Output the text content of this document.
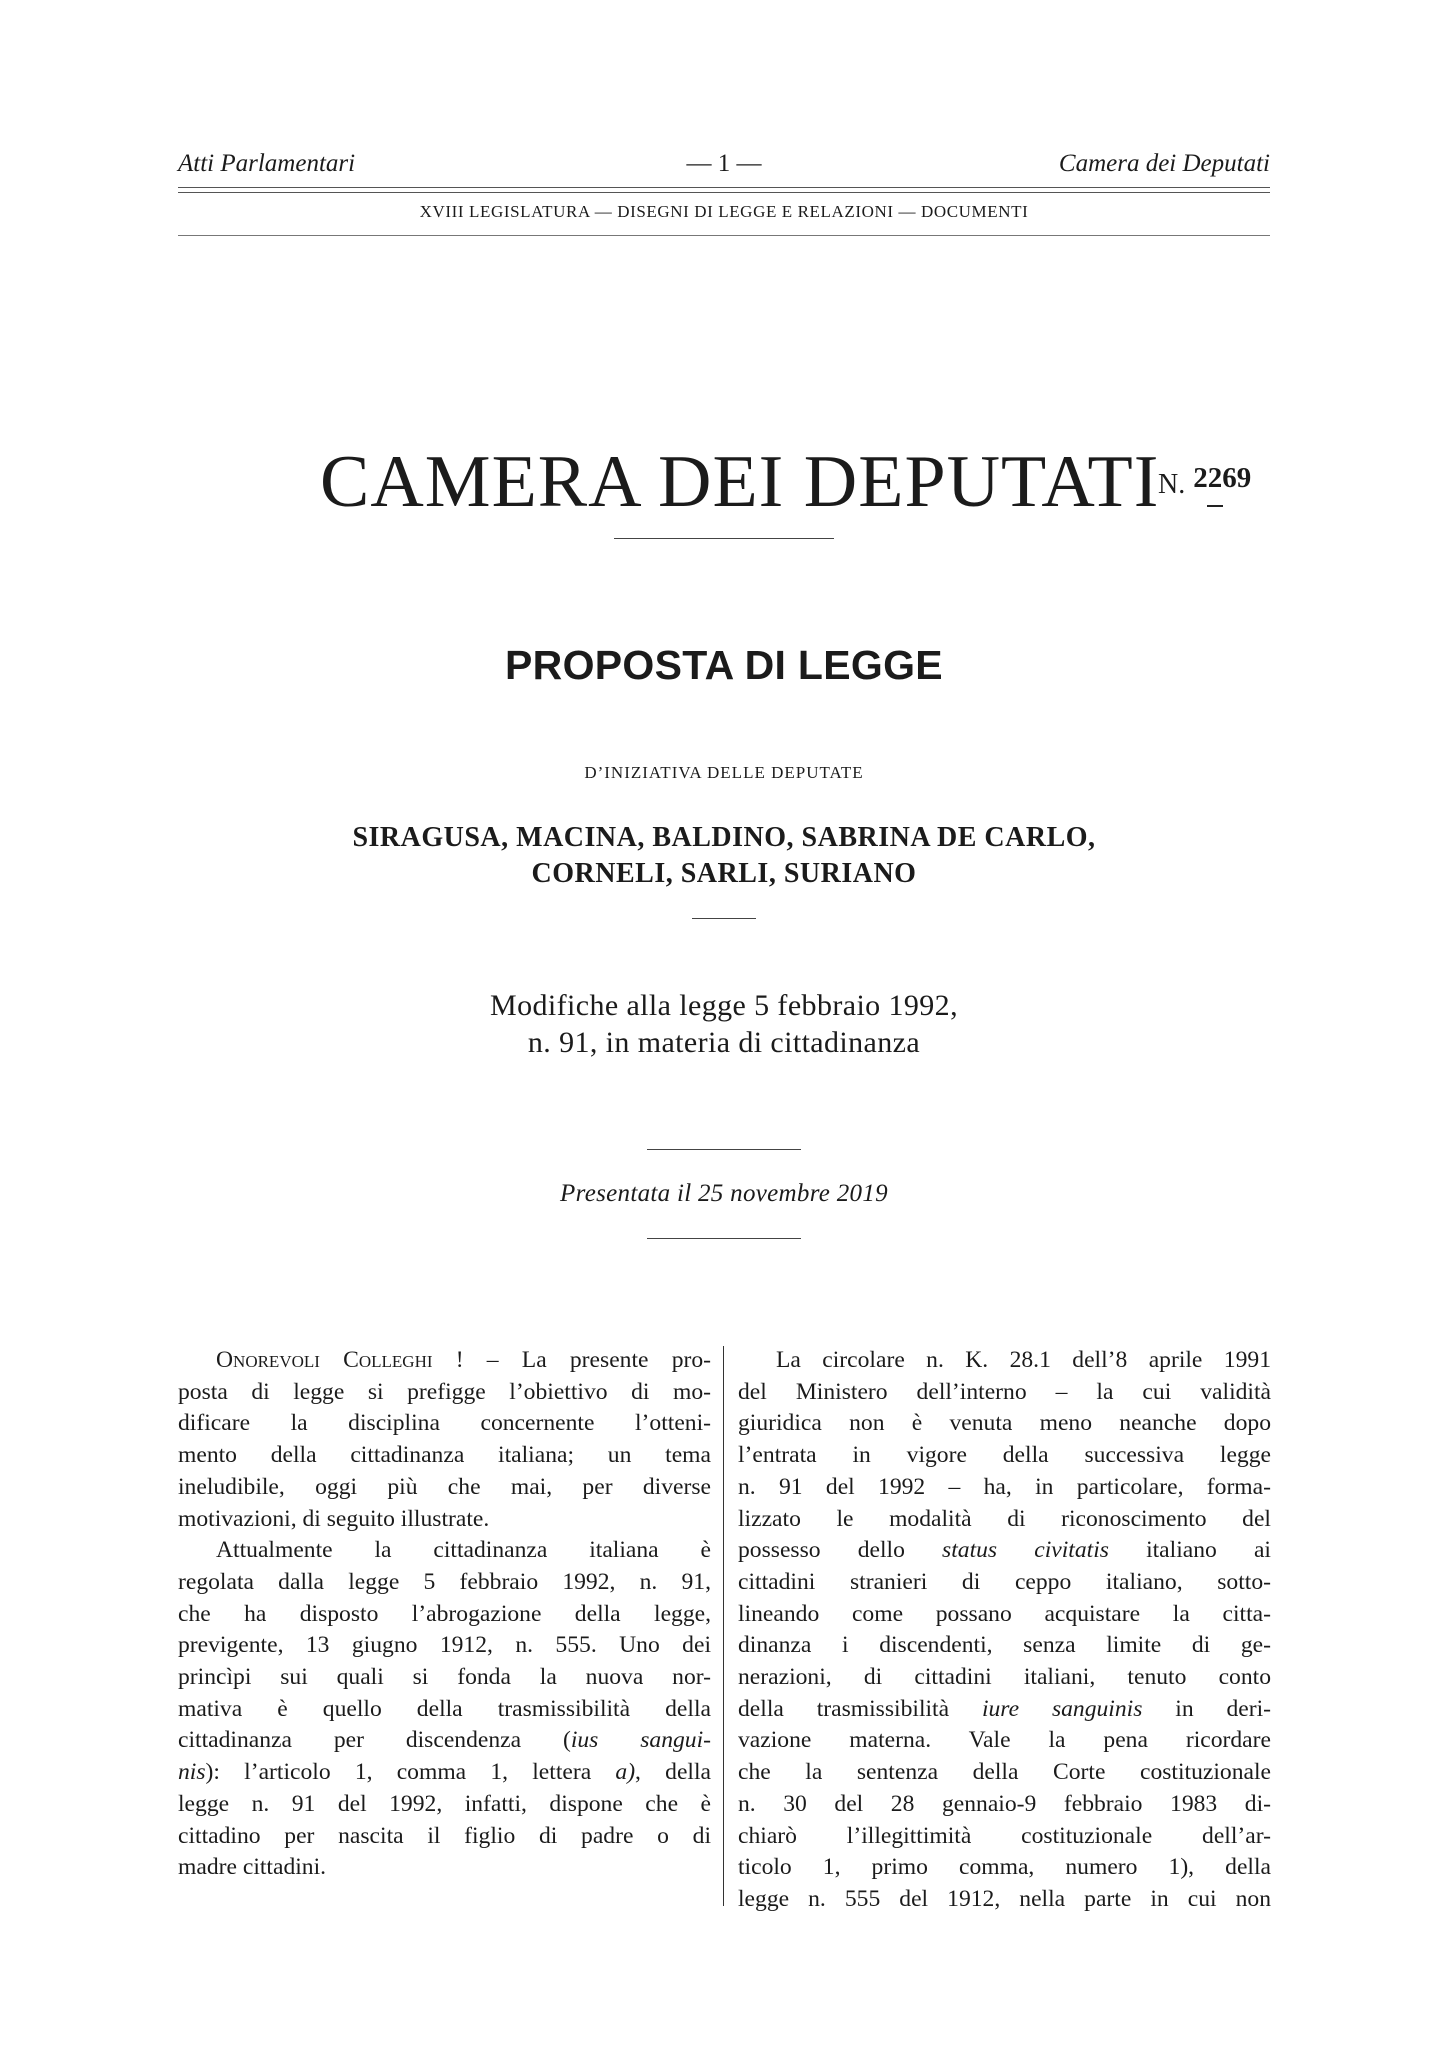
Atti Parlamentari	— 1 —	Camera dei Deputati
XVIII LEGISLATURA — DISEGNI DI LEGGE E RELAZIONI — DOCUMENTI
CAMERA DEI DEPUTATI
N. 2269
PROPOSTA DI LEGGE
D’INIZIATIVA DELLE DEPUTATE
SIRAGUSA, MACINA, BALDINO, SABRINA DE CARLO,
CORNELI, SARLI, SURIANO
Modifiche alla legge 5 febbraio 1992,
n. 91, in materia di cittadinanza
Presentata il 25 novembre 2019
Onorevoli Colleghi ! – La presente pro-
posta di legge si prefigge l’obiettivo di mo-
dificare la disciplina concernente l’otteni-
mento della cittadinanza italiana; un tema
ineludibile, oggi più che mai, per diverse
motivazioni, di seguito illustrate.
Attualmente la cittadinanza italiana è
regolata dalla legge 5 febbraio 1992, n. 91,
che ha disposto l’abrogazione della legge,
previgente, 13 giugno 1912, n. 555. Uno dei
princìpi sui quali si fonda la nuova nor-
mativa è quello della trasmissibilità della
cittadinanza per discendenza (ius sangui-
nis): l’articolo 1, comma 1, lettera a), della
legge n. 91 del 1992, infatti, dispone che è
cittadino per nascita il figlio di padre o di
madre cittadini.
La circolare n. K. 28.1 dell’8 aprile 1991
del Ministero dell’interno – la cui validità
giuridica non è venuta meno neanche dopo
l’entrata in vigore della successiva legge
n. 91 del 1992 – ha, in particolare, forma-
lizzato le modalità di riconoscimento del
possesso dello status civitatis italiano ai
cittadini stranieri di ceppo italiano, sotto-
lineando come possano acquistare la citta-
dinanza i discendenti, senza limite di ge-
nerazioni, di cittadini italiani, tenuto conto
della trasmissibilità iure sanguinis in deri-
vazione materna. Vale la pena ricordare
che la sentenza della Corte costituzionale
n. 30 del 28 gennaio-9 febbraio 1983 di-
chiarò l’illegittimità costituzionale dell’ar-
ticolo 1, primo comma, numero 1), della
legge n. 555 del 1912, nella parte in cui non
